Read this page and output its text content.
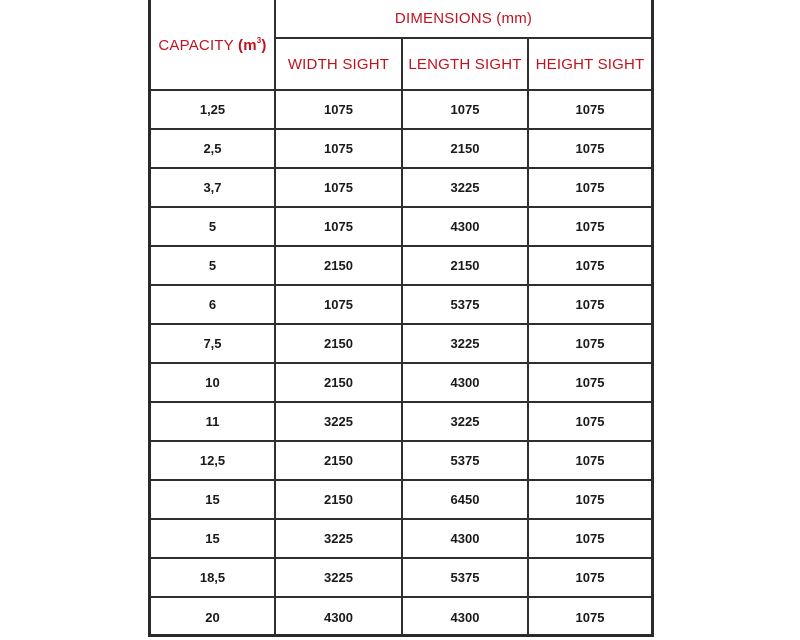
CAPACITY $(m^3)$	DIMENSIONS (mm)		
	WIDTH SIGHT	LENGTH SIGHT	HEIGHT SIGHT
1,25	1075	1075	1075
2,5	1075	2150	1075
3,7	1075	3225	1075
5	1075	4300	1075
5	2150	2150	1075
6	1075	5375	1075
7,5	2150	3225	1075
10	2150	4300	1075
11	3225	3225	1075
12,5	2150	5375	1075
15	2150	6450	1075
15	3225	4300	1075
18,5	3225	5375	1075
20	4300	4300	1075
